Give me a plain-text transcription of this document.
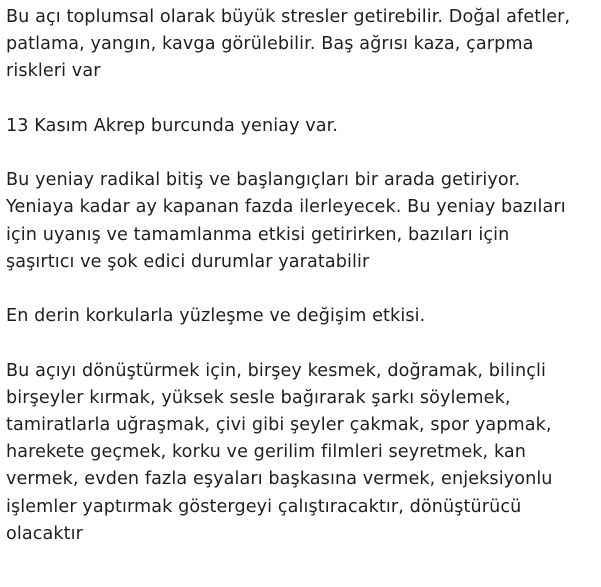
Bu açı toplumsal olarak büyük stresler getirebilir. Doğal afetler,
patlama, yangın, kavga görülebilir. Baş ağrısı kaza, çarpma
riskleri var

13 Kasım Akrep burcunda yeniay var.

Bu yeniay radikal bitiş ve başlangıçları bir arada getiriyor.
Yeniaya kadar ay kapanan fazda ilerleyecek. Bu yeniay bazıları
için uyanış ve tamamlanma etkisi getirirken, bazıları için
şaşırtıcı ve şok edici durumlar yaratabilir

En derin korkularla yüzleşme ve değişim etkisi.

Bu açıyı dönüştürmek için, birşey kesmek, doğramak, bilinçli
birşeyler kırmak, yüksek sesle bağırarak şarkı söylemek,
tamiratlarla uğraşmak, çivi gibi şeyler çakmak, spor yapmak,
harekete geçmek, korku ve gerilim filmleri seyretmek, kan
vermek, evden fazla eşyaları başkasına vermek, enjeksiyonlu
işlemler yaptırmak göstergeyi çalıştıracaktır, dönüştürücü
olacaktır
